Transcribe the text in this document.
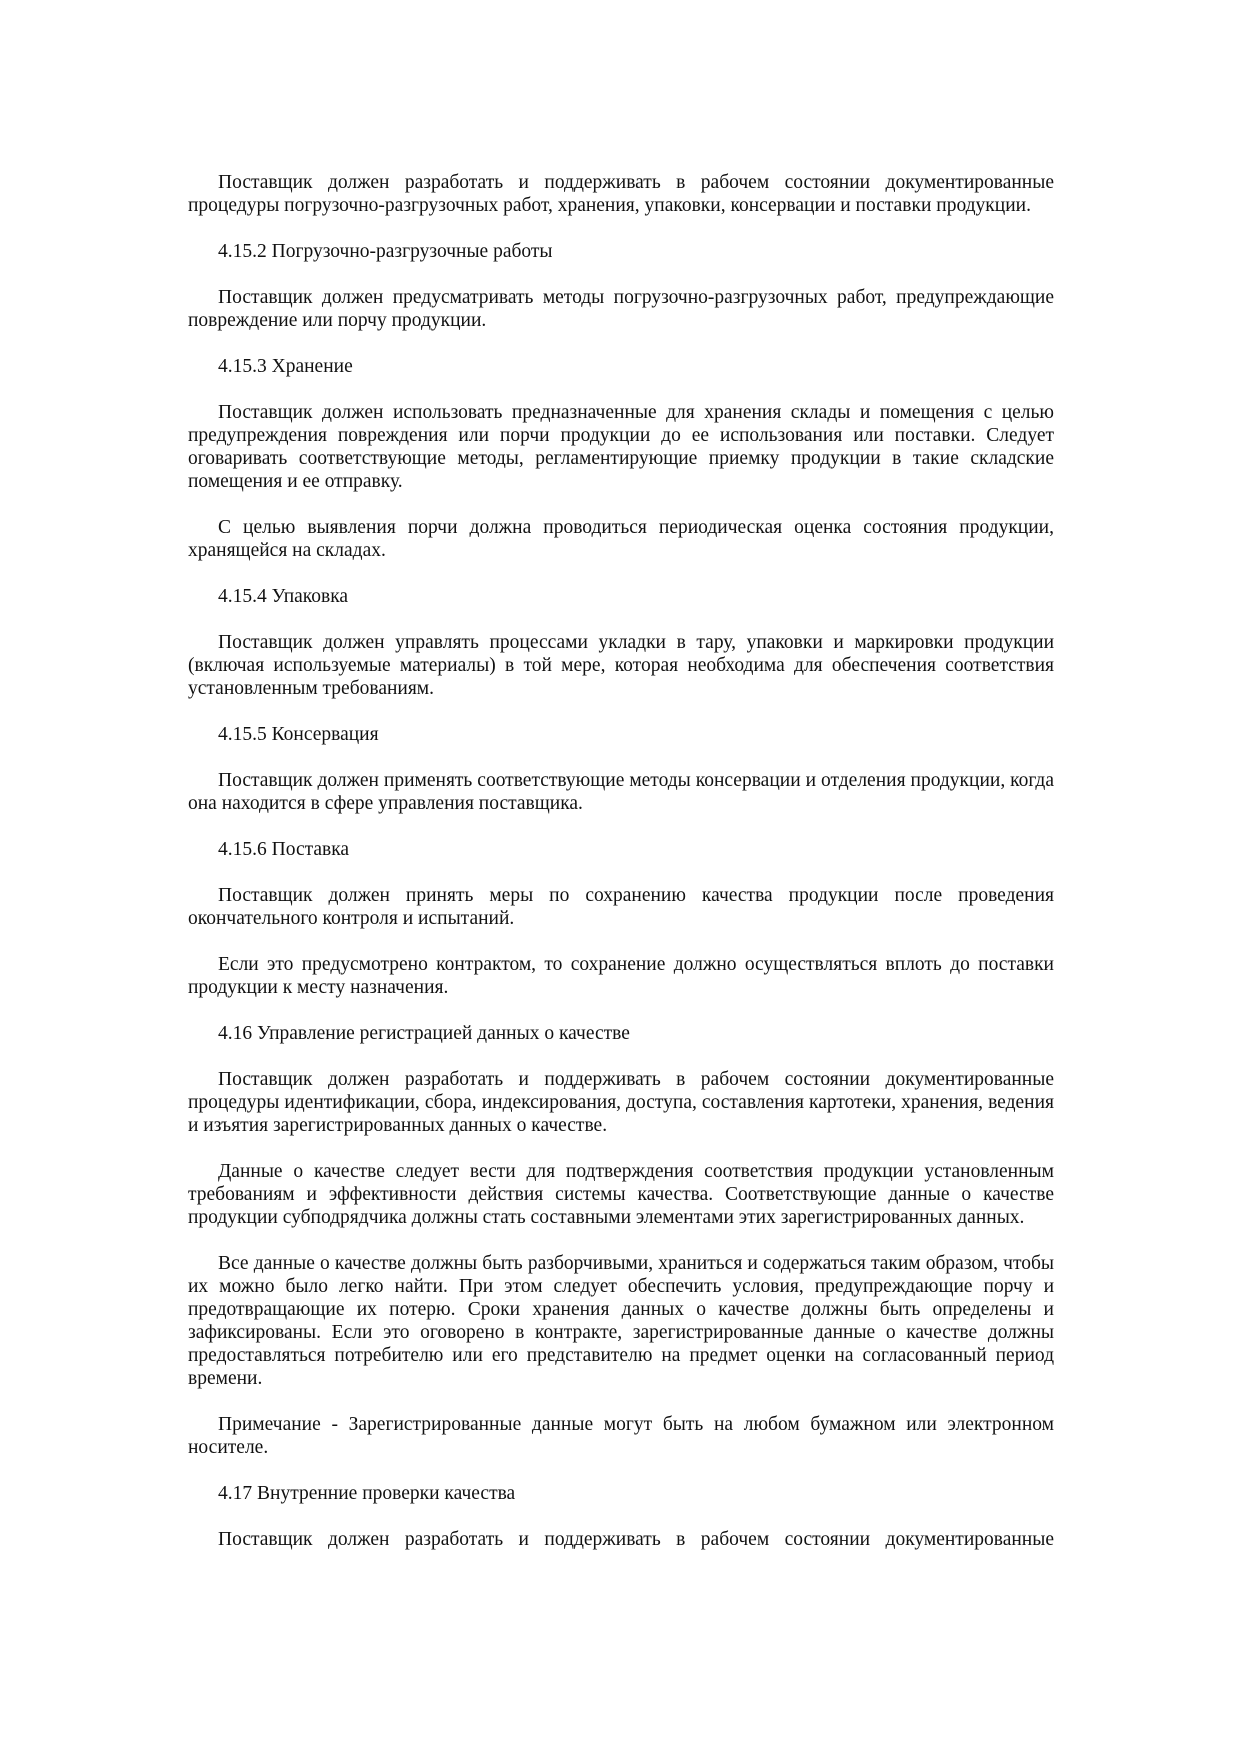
Поставщик должен разработать и поддерживать в рабочем состоянии документированные процедуры погрузочно-разгрузочных работ, хранения, упаковки, консервации и поставки продукции.

4.15.2 Погрузочно-разгрузочные работы

Поставщик должен предусматривать методы погрузочно-разгрузочных работ, предупреждающие повреждение или порчу продукции.

4.15.3 Хранение

Поставщик должен использовать предназначенные для хранения склады и помещения с целью предупреждения повреждения или порчи продукции до ее использования или поставки. Следует оговаривать соответствующие методы, регламентирующие приемку продукции в такие складские помещения и ее отправку.

С целью выявления порчи должна проводиться периодическая оценка состояния продукции, хранящейся на складах.

4.15.4 Упаковка

Поставщик должен управлять процессами укладки в тару, упаковки и маркировки продукции (включая используемые материалы) в той мере, которая необходима для обеспечения соответствия установленным требованиям.

4.15.5 Консервация

Поставщик должен применять соответствующие методы консервации и отделения продукции, когда она находится в сфере управления поставщика.

4.15.6 Поставка

Поставщик должен принять меры по сохранению качества продукции после проведения окончательного контроля и испытаний.

Если это предусмотрено контрактом, то сохранение должно осуществляться вплоть до поставки продукции к месту назначения.

4.16 Управление регистрацией данных о качестве

Поставщик должен разработать и поддерживать в рабочем состоянии документированные процедуры идентификации, сбора, индексирования, доступа, составления картотеки, хранения, ведения и изъятия зарегистрированных данных о качестве.

Данные о качестве следует вести для подтверждения соответствия продукции установленным требованиям и эффективности действия системы качества. Соответствующие данные о качестве продукции субподрядчика должны стать составными элементами этих зарегистрированных данных.

Все данные о качестве должны быть разборчивыми, храниться и содержаться таким образом, чтобы их можно было легко найти. При этом следует обеспечить условия, предупреждающие порчу и предотвращающие их потерю. Сроки хранения данных о качестве должны быть определены и зафиксированы. Если это оговорено в контракте, зарегистрированные данные о качестве должны предоставляться потребителю или его представителю на предмет оценки на согласованный период времени.

Примечание - Зарегистрированные данные могут быть на любом бумажном или электронном носителе.

4.17 Внутренние проверки качества

Поставщик должен разработать и поддерживать в рабочем состоянии документированные
